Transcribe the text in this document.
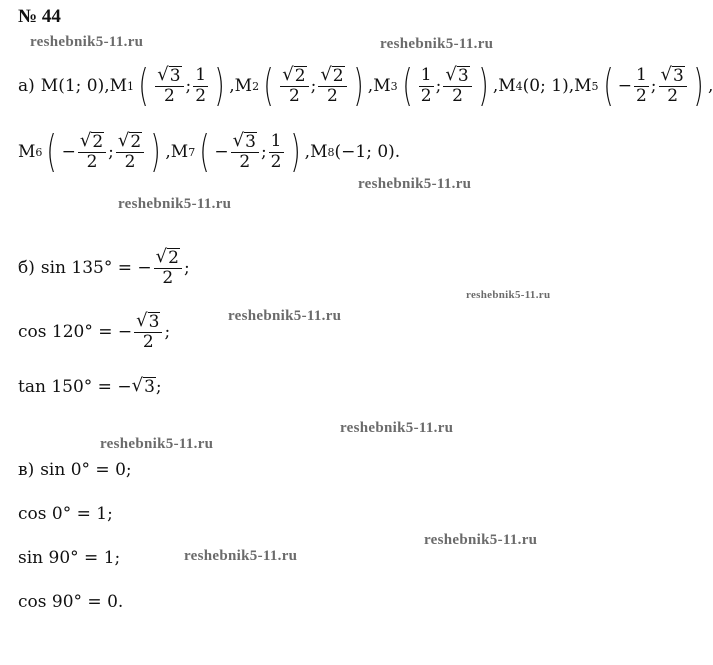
№ 44
reshebnik5-11.ru	reshebnik5-11.ru
reshebnik5-11.ru
reshebnik5-11.ru
reshebnik5-11.ru
reshebnik5-11.ru
reshebnik5-11.ru
reshebnik5-11.ru
reshebnik5-11.ru
reshebnik5-11.ru
а) M(1; 0), M 1 ( $\frac{√ 3}{2}$ ; $\frac{1}{2}$ ) , M 2 ( $\frac{√ 2}{2}$ ; $\frac{√ 2}{2}$ ) , M 3 ( $\frac{1}{2}$ ; $\frac{√ 3}{2}$ ) , M 4 (0; 1), M 5 ( − $\frac{1}{2}$ ; $\frac{√ 3}{2}$ ) ,
M 6 ( − $\frac{√ 2}{2}$ ; $\frac{√ 2}{2}$ ) , M 7 ( − $\frac{√ 3}{2}$ ; $\frac{1}{2}$ ) , M 8 (−1; 0).
б) sin 135° = − $\frac{√ 2}{2}$ ;
cos 120° = − $\frac{√ 3}{2}$ ;
tan 150° = − √ 3 ;
в) sin 0° = 0;
cos 0° = 1;
sin 90° = 1;
cos 90° = 0.
